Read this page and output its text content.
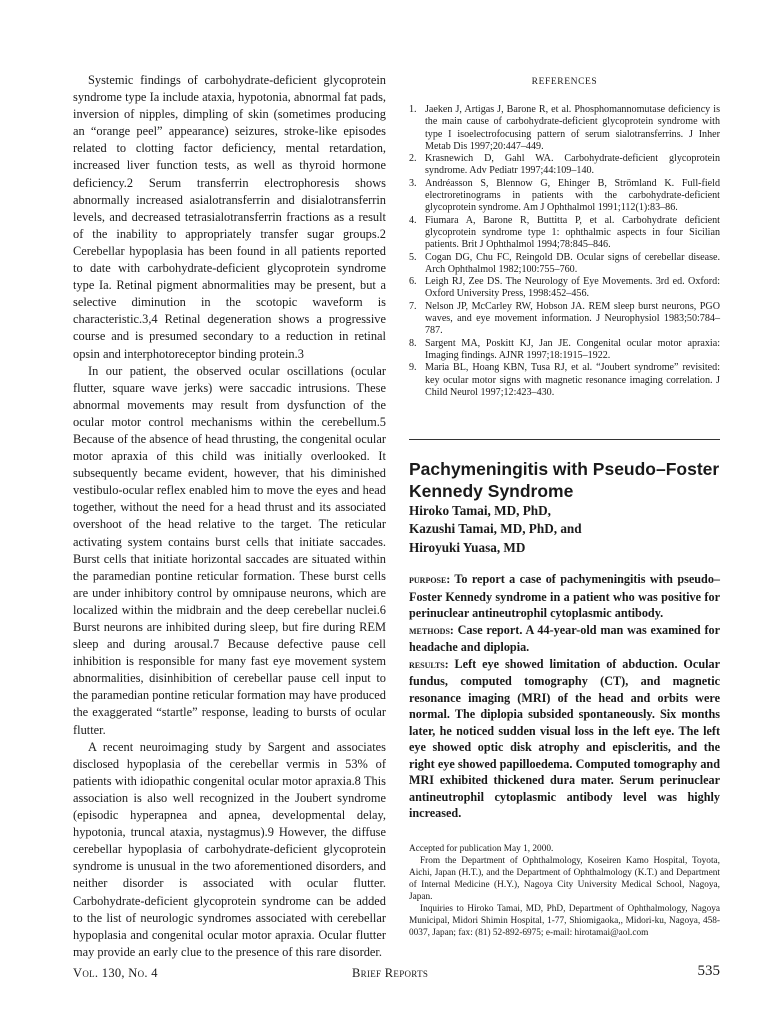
Systemic findings of carbohydrate-deficient glycoprotein syndrome type Ia include ataxia, hypotonia, abnormal fat pads, inversion of nipples, dimpling of skin (sometimes producing an “orange peel” appearance) seizures, stroke-like episodes related to clotting factor deficiency, mental retardation, increased liver function tests, as well as thyroid hormone deficiency.2 Serum transferrin electrophoresis shows abnormally increased asialotransferrin and disialotransferrin levels, and decreased tetrasialotransferrin fractions as a result of the inability to appropriately transfer sugar groups.2 Cerebellar hypoplasia has been found in all patients reported to date with carbohydrate-deficient glycoprotein syndrome type Ia. Retinal pigment abnormalities may be present, but a selective diminution in the scotopic waveform is characteristic.3,4 Retinal degeneration shows a progressive course and is presumed secondary to a reduction in retinal opsin and interphotoreceptor binding protein.3

In our patient, the observed ocular oscillations (ocular flutter, square wave jerks) were saccadic intrusions. These abnormal movements may result from dysfunction of the ocular motor control mechanisms within the cerebellum.5 Because of the absence of head thrusting, the congenital ocular motor apraxia of this child was initially overlooked. It subsequently became evident, however, that his diminished vestibulo-ocular reflex enabled him to move the eyes and head together, without the need for a head thrust and its associated overshoot of the head relative to the target. The reticular activating system contains burst cells that initiate saccades. Burst cells that initiate horizontal saccades are situated within the paramedian pontine reticular formation. These burst cells are under inhibitory control by omnipause neurons, which are localized within the midbrain and the deep cerebellar nuclei.6 Burst neurons are inhibited during sleep, but fire during REM sleep and during arousal.7 Because defective pause cell inhibition is responsible for many fast eye movement system abnormalities, disinhibition of cerebellar pause cell input to the paramedian pontine reticular formation may have produced the exaggerated “startle” response, leading to bursts of ocular flutter.

A recent neuroimaging study by Sargent and associates disclosed hypoplasia of the cerebellar vermis in 53% of patients with idiopathic congenital ocular motor apraxia.8 This association is also well recognized in the Joubert syndrome (episodic hyperapnea and apnea, developmental delay, hypotonia, truncal ataxia, nystagmus).9 However, the diffuse cerebellar hypoplasia of carbohydrate-deficient glycoprotein syndrome is unusual in the two aforementioned disorders, and neither disorder is associated with ocular flutter. Carbohydrate-deficient glycoprotein syndrome can be added to the list of neurologic syndromes associated with cerebellar hypoplasia and congenital ocular motor apraxia. Ocular flutter may provide an early clue to the presence of this rare disorder.

REFERENCES
1. Jaeken J, Artigas J, Barone R, et al. Phosphomannomutase deficiency is the main cause of carbohydrate-deficient glycoprotein syndrome with type I isoelectrofocusing pattern of serum sialotransferrins. J Inher Metab Dis 1997;20:447–449.
2. Krasnewich D, Gahl WA. Carbohydrate-deficient glycoprotein syndrome. Adv Pediatr 1997;44:109–140.
3. Andréasson S, Blennow G, Ehinger B, Strömland K. Full-field electroretinograms in patients with the carbohydrate-deficient glycoprotein syndrome. Am J Ophthalmol 1991;112(1):83–86.
4. Fiumara A, Barone R, Buttitta P, et al. Carbohydrate deficient glycoprotein syndrome type 1: ophthalmic aspects in four Sicilian patients. Brit J Ophthalmol 1994;78:845–846.
5. Cogan DG, Chu FC, Reingold DB. Ocular signs of cerebellar disease. Arch Ophthalmol 1982;100:755–760.
6. Leigh RJ, Zee DS. The Neurology of Eye Movements. 3rd ed. Oxford: Oxford University Press, 1998:452–456.
7. Nelson JP, McCarley RW, Hobson JA. REM sleep burst neurons, PGO waves, and eye movement information. J Neurophysiol 1983;50:784–787.
8. Sargent MA, Poskitt KJ, Jan JE. Congenital ocular motor apraxia: Imaging findings. AJNR 1997;18:1915–1922.
9. Maria BL, Hoang KBN, Tusa RJ, et al. “Joubert syndrome” revisited: key ocular motor signs with magnetic resonance imaging correlation. J Child Neurol 1997;12:423–430.
Pachymeningitis with Pseudo–Foster Kennedy Syndrome
Hiroko Tamai, MD, PhD,
Kazushi Tamai, MD, PhD, and
Hiroyuki Yuasa, MD

purpose: To report a case of pachymeningitis with pseudo–Foster Kennedy syndrome in a patient who was positive for perinuclear antineutrophil cytoplasmic antibody.

methods: Case report. A 44-year-old man was examined for headache and diplopia.

results: Left eye showed limitation of abduction. Ocular fundus, computed tomography (CT), and magnetic resonance imaging (MRI) of the head and orbits were normal. The diplopia subsided spontaneously. Six months later, he noticed sudden visual loss in the left eye. The left eye showed optic disk atrophy and episcleritis, and the right eye showed papilloedema. Computed tomography and MRI exhibited thickened dura mater. Serum perinuclear antineutrophil cytoplasmic antibody level was highly increased.

Accepted for publication May 1, 2000.

From the Department of Ophthalmology, Koseiren Kamo Hospital, Toyota, Aichi, Japan (H.T.), and the Department of Ophthalmology (K.T.) and Department of Internal Medicine (H.Y.), Nagoya City University Medical School, Nagoya, Japan.

Inquiries to Hiroko Tamai, MD, PhD, Department of Ophthalmology, Nagoya Municipal, Midori Shimin Hospital, 1-77, Shiomigaoka,, Midori-ku, Nagoya, 458-0037, Japan; fax: (81) 52-892-6975; e-mail: hirotamai@aol.com

Vol. 130, No. 4	Brief Reports	535
